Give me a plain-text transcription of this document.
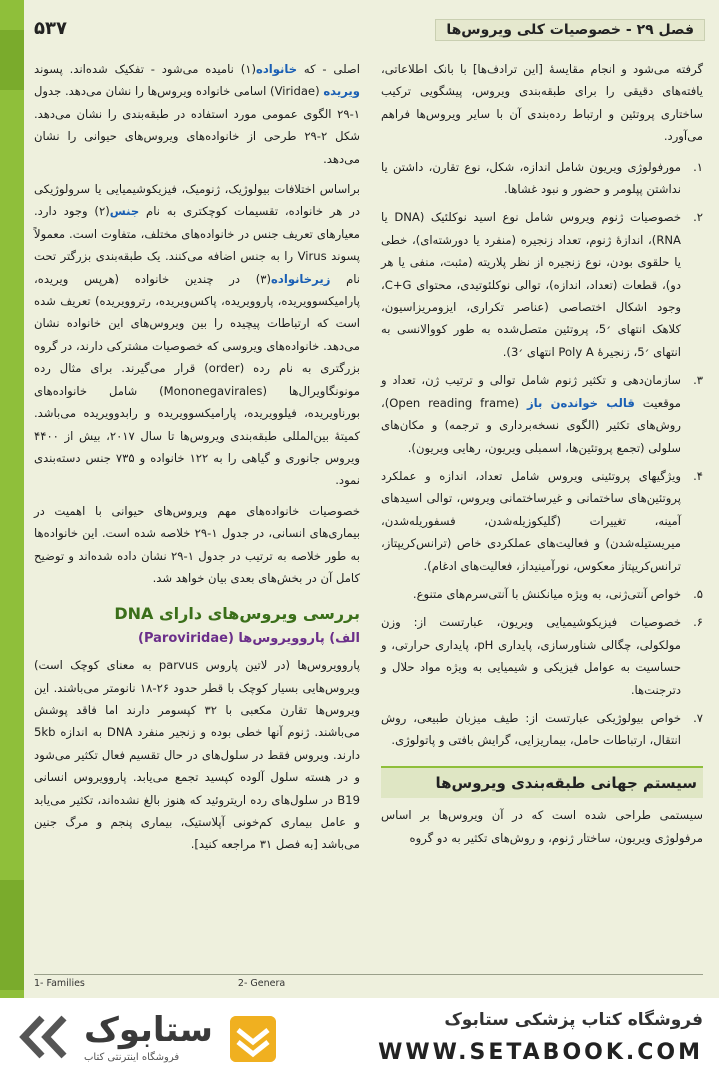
فصل ۲۹ - خصوصیات کلی ویروس‌ها
۵۳۷

گرفته می‌شود و انجام مقایسهٔ [این ترادف‌ها] با بانک اطلاعاتی، یافته‌های دقیقی را برای طبقه‌بندی ویروس، پیشگویی ترکیب ساختاری پروتئین و ارتباط رده‌بندی آن با سایر ویروس‌ها فراهم می‌آورد.

۱.
مورفولوژی ویریون شامل اندازه، شکل، نوع تقارن، داشتن یا نداشتن پپلومر و حضور و نبود غشاها.
۲.
خصوصیات ژنوم ویروس شامل نوع اسید نوکلئیک (DNA یا RNA)، اندازهٔ ژنوم، تعداد زنجیره (منفرد یا دورشته‌ای)، خطی یا حلقوی بودن، نوع زنجیره از نظر پلاریته (مثبت، منفی یا هر دو)، قطعات (تعداد، اندازه)، توالی نوکلئوتیدی، محتوای C+G، وجود اشکال اختصاصی (عناصر تکراری، ایزومریزاسیون، کلاهک انتهای ׳5، پروتئین متصل‌شده به طور کووالانسی به انتهای ׳5، زنجیرهٔ Poly A انتهای ׳3).
۳.
سازمان‌دهی و تکثیر ژنوم شامل توالی و ترتیب ژن، تعداد و موقعیت قالب خوانده‌ن باز (Open reading frame)، روش‌های تکثیر (الگوی نسخه‌برداری و ترجمه) و مکان‌های سلولی (تجمع پروتئین‌ها، اسمبلی ویریون، رهایی ویریون).
۴.
ویژگیهای پروتئینی ویروس شامل تعداد، اندازه و عملکرد پروتئین‌های ساختمانی و غیرساختمانی ویروس، توالی اسیدهای آمینه، تغییرات (گلیکوزیله‌شدن، فسفوریله‌شدن، میریستیله‌شدن) و فعالیت‌های عملکردی خاص (ترانس‌کریپتاز، ترانس‌کریپتاز معکوس، نورآمینیداز، فعالیت‌های ادغام).
۵.
خواص آنتی‌ژنی، به ویژه میانکنش با آنتی‌سرم‌های متنوع.
۶.
خصوصیات فیزیکوشیمیایی ویریون، عبارتست از: وزن مولکولی، چگالی شناورسازی، پایداری pH، پایداری حرارتی، و حساسیت به عوامل فیزیکی و شیمیایی به ویژه مواد حلال و دترجنت‌ها.
۷.
خواص بیولوژیکی عبارتست از: طیف میزبان طبیعی، روش انتقال، ارتباطات حامل، بیماریزایی، گرایش بافتی و پاتولوژی.
سیستم جهانی طبقه‌بندی ویروس‌ها

سیستمی طراحی شده است که در آن ویروس‌ها بر اساس مرفولوژی ویریون، ساختار ژنوم، و روش‌های تکثیر به دو گروه

اصلی - که خانواده(۱) نامیده می‌شود - تفکیک شده‌اند. پسوند ویریده (Viridae) اسامی خانواده ویروس‌ها را نشان می‌دهد. جدول ۱-۲۹ الگوی عمومی مورد استفاده در طبقه‌بندی را نشان می‌دهد. شکل ۲-۲۹ طرحی از خانواده‌های ویروس‌های حیوانی را نشان می‌دهد.

براساس اختلافات بیولوژیک، ژنومیک، فیزیکوشیمیایی یا سرولوژیکی در هر خانواده، تقسیمات کوچکتری به نام جنس(۲) وجود دارد. معیارهای تعریف جنس در خانواده‌های مختلف، متفاوت است. معمولاً پسوند Virus را به جنس اضافه می‌کنند. یک طبقه‌بندی بزرگتر تحت نام زیرخانواده(۳) در چندین خانواده (هرپس ویریده، پارامیکسوویریده، پاروویریده، پاکس‌ویریده، رتروویریده) تعریف شده است که ارتباطات پیچیده را بین ویروس‌های این خانواده نشان می‌دهد. خانواده‌های ویروسی که خصوصیات مشترکی دارند، در گروه بزرگتری به نام رده (order) قرار می‌گیرند. برای مثال رده مونونگاویرال‌ها (Mononegavirales) شامل خانواده‌های بورناویریده، فیلوویریده، پارامیکسوویریده و رابدوویریده می‌باشد. کمیتهٔ بین‌المللی طبقه‌بندی ویروس‌ها تا سال ۲۰۱۷، بیش از ۴۴۰۰ ویروس جانوری و گیاهی را به ۱۲۲ خانواده و ۷۳۵ جنس دسته‌بندی نمود.

خصوصیات خانواده‌های مهم ویروس‌های حیوانی با اهمیت در بیماری‌های انسانی، در جدول ۱-۲۹ خلاصه شده است. این خانواده‌ها به طور خلاصه به ترتیب در جدول ۱-۲۹ نشان داده شده‌اند و توضیح کامل آن در بخش‌های بعدی بیان خواهد شد.

بررسی ویروس‌های دارای DNA
الف) پاروویروس‌ها (Paroviridae)

پاروویروس‌ها (در لاتین پاروس parvus به معنای کوچک است) ویروس‌هایی بسیار کوچک با قطر حدود ۲۶-۱۸ نانومتر می‌باشند. این ویروس‌ها تقارن مکعبی با ۳۲ کپسومر دارند اما فاقد پوشش می‌باشند. ژنوم آنها خطی بوده و زنجیر منفرد DNA به اندازه 5kb دارند. ویروس فقط در سلول‌های در حال تقسیم فعال تکثیر می‌شود و در هسته سلول آلوده کپسید تجمع می‌یابد. پاروویروس انسانی B19 در سلول‌های رده اریتروئید که هنوز بالغ نشده‌اند، تکثیر می‌یابد و عامل بیماری کم‌خونی آپلاستیک، بیماری پنجم و مرگ جنین می‌باشد [به فصل ۳۱ مراجعه کنید].

1- Families	2- Genera
ستابوک
فروشگاه اینترنتی کتاب
فروشگاه کتاب پزشکی ستابوک
WWW.SETABOOK.COM
